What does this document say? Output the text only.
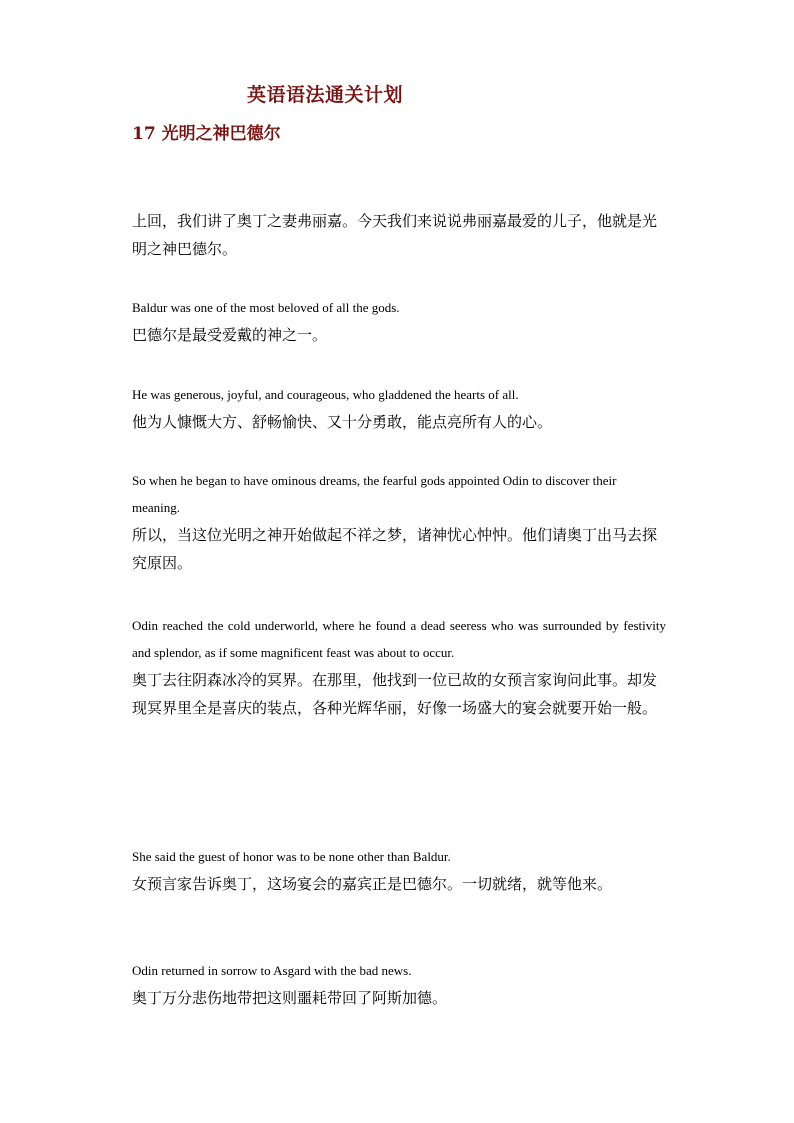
英语语法通关计划
17 光明之神巴德尔

上回，我们讲了奥丁之妻弗丽嘉。今天我们来说说弗丽嘉最爱的儿子，他就是光明之神巴德尔。

Baldur was one of the most beloved of all the gods.

巴德尔是最受爱戴的神之一。

He was generous, joyful, and courageous, who gladdened the hearts of all.

他为人慷慨大方、舒畅愉快、又十分勇敢，能点亮所有人的心。

So when he began to have ominous dreams, the fearful gods appointed Odin to discover their meaning.

所以，当这位光明之神开始做起不祥之梦，诸神忧心忡忡。他们请奥丁出马去探究原因。

Odin reached the cold underworld, where he found a dead seeress who was surrounded by festivity and splendor, as if some magnificent feast was about to occur.

奥丁去往阴森冰冷的冥界。在那里，他找到一位已故的女预言家询问此事。却发现冥界里全是喜庆的装点，各种光辉华丽，好像一场盛大的宴会就要开始一般。

She said the guest of honor was to be none other than Baldur.

女预言家告诉奥丁，这场宴会的嘉宾正是巴德尔。一切就绪，就等他来。

Odin returned in sorrow to Asgard with the bad news.

奥丁万分悲伤地带把这则噩耗带回了阿斯加德。
